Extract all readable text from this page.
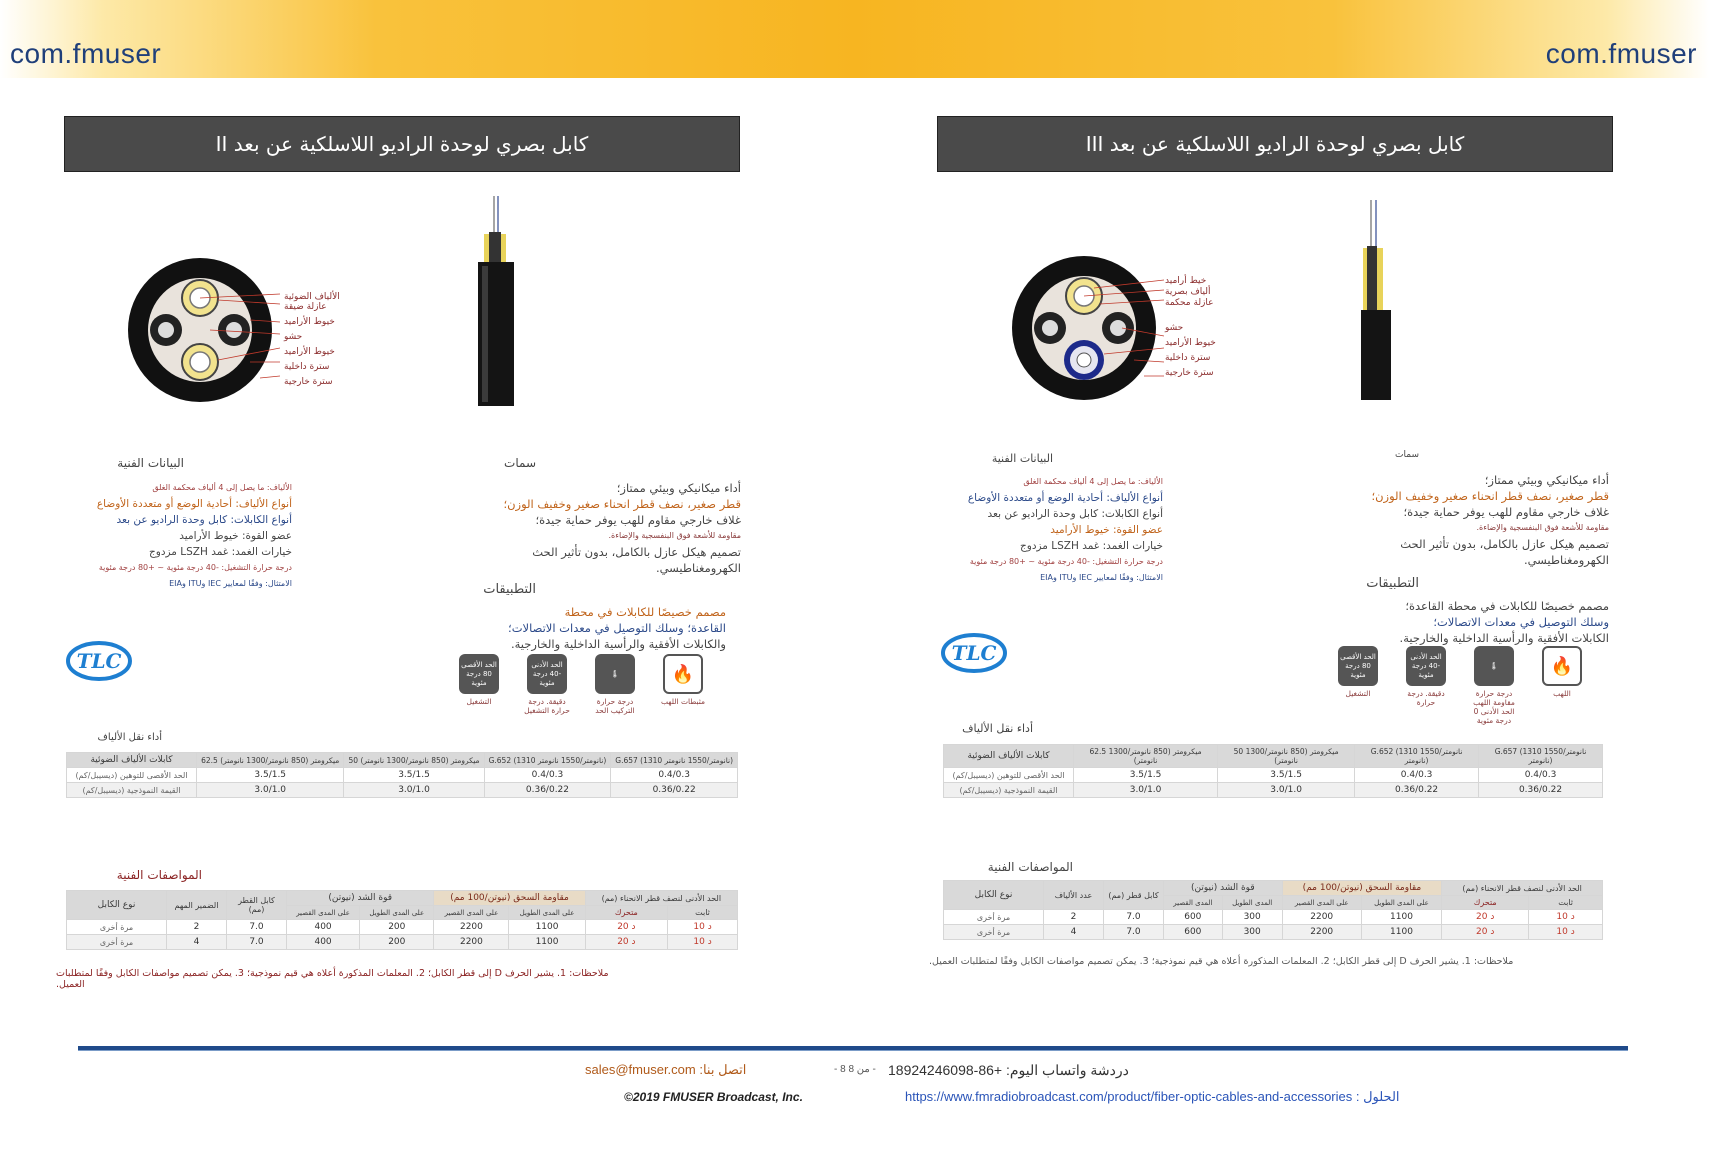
com.fmuser	com.fmuser
كابل بصري لوحدة الراديو اللاسلكية عن بعد II
الألياف الضوئية
عازلة ضيقة
خيوط الأراميد
حشو
خيوط الأراميد
سترة داخلية
سترة خارجية
البيانات الفنية
الألياف: ما يصل إلى 4 ألياف محكمة الغلق
أنواع الألياف: أحادية الوضع أو متعددة الأوضاع
أنواع الكابلات: كابل وحدة الراديو عن بعد
عضو القوة: خيوط الأراميد
خيارات الغمد: غمد LSZH مزدوج
درجة حرارة التشغيل: -40 درجة مئوية ~ +80 درجة مئوية
الامتثال: وفقًا لمعايير IEC وITU وEIA
سمات
أداء ميكانيكي وبيئي ممتاز؛
قطر صغير، نصف قطر انحناء صغير وخفيف الوزن؛
غلاف خارجي مقاوم للهب يوفر حماية جيدة؛
مقاومة للأشعة فوق البنفسجية والإضاءة.
تصميم هيكل عازل بالكامل، بدون تأثير الحث الكهرومغناطيسي.
التطبيقات
مصمم خصيصًا للكابلات في محطة
القاعدة؛ وسلك التوصيل في معدات الاتصالات؛
والكابلات الأفقية والرأسية الداخلية والخارجية.
الحد الأقصى 80 درجة مئوية
التشغيل
الحد الأدنى -40 درجة مئوية
دقيقة. درجة حرارة التشغيل
🌡
درجة حرارة التركيب الحد
🔥
مثبطات اللهب
TLC
أداء نقل الألياف
كابلات الألياف الضوئية	62.5 ميكرومتر (850 نانومتر/1300 نانومتر)	50 ميكرومتر (850 نانومتر/1300 نانومتر)	G.652 (1310 نانومتر/1550 نانومتر)	G.657 (1310 نانومتر/1550 نانومتر)
الحد الأقصى للتوهين (ديسيبل/كم)	3.5/1.5	3.5/1.5	0.4/0.3	0.4/0.3
القيمة النموذجية (ديسيبل/كم)	3.0/1.0	3.0/1.0	0.36/0.22	0.36/0.22
المواصفات الفنية
نوع الكابل	الضمير المهم	كابل القطر (مم)	قوة الشد (نيوتن)		مقاومة السحق (نيوتن/100 مم)		الحد الأدنى لنصف قطر الانحناء (مم)	
			على المدى القصير	على المدى الطويل	على المدى القصير	على المدى الطويل	متحرك	ثابت
مرة أخرى	2	7.0	400	200	2200	1100	20 د	10 د
مرة أخرى	4	7.0	400	200	2200	1100	20 د	10 د
ملاحظات: 1. يشير الحرف D إلى قطر الكابل؛ 2. المعلمات المذكورة أعلاه هي قيم نموذجية؛ 3. يمكن تصميم مواصفات الكابل وفقًا لمتطلبات العميل.
كابل بصري لوحدة الراديو اللاسلكية عن بعد III
خيط أراميد
ألياف بصرية
عازلة محكمة
حشو
خيوط الأراميد
سترة داخلية
سترة خارجية
البيانات الفنية
الألياف: ما يصل إلى 4 ألياف محكمة الغلق
أنواع الألياف: أحادية الوضع أو متعددة الأوضاع
أنواع الكابلات: كابل وحدة الراديو عن بعد
عضو القوة: خيوط الأراميد
خيارات الغمد: غمد LSZH مزدوج
درجة حرارة التشغيل: -40 درجة مئوية ~ +80 درجة مئوية
الامتثال: وفقًا لمعايير IEC وITU وEIA
سمات
أداء ميكانيكي وبيئي ممتاز؛
قطر صغير، نصف قطر انحناء صغير وخفيف الوزن؛
غلاف خارجي مقاوم للهب يوفر حماية جيدة؛
مقاومة للأشعة فوق البنفسجية والإضاءة.
تصميم هيكل عازل بالكامل، بدون تأثير الحث الكهرومغناطيسي.
التطبيقات
مصمم خصيصًا للكابلات في محطة القاعدة؛
وسلك التوصيل في معدات الاتصالات؛
الكابلات الأفقية والرأسية الداخلية والخارجية.
الحد الأقصى 80 درجة مئوية
التشغيل
الحد الأدنى -40 درجة مئوية
دقيقة. درجة حرارة
🌡
درجة حرارة مقاومة اللهب الحد الأدنى 0 درجة مئوية
🔥
اللهب
TLC
أداء نقل الألياف
كابلات الألياف الضوئية	62.5 ميكرومتر (850 نانومتر/1300 نانومتر)	50 ميكرومتر (850 نانومتر/1300 نانومتر)	G.652 (1310 نانومتر/1550 نانومتر)	G.657 (1310 نانومتر/1550 نانومتر)
الحد الأقصى للتوهين (ديسيبل/كم)	3.5/1.5	3.5/1.5	0.4/0.3	0.4/0.3
القيمة النموذجية (ديسيبل/كم)	3.0/1.0	3.0/1.0	0.36/0.22	0.36/0.22
المواصفات الفنية
نوع الكابل	عدد الألياف	كابل قطر (مم)	قوة الشد (نيوتن)		مقاومة السحق (نيوتن/100 مم)		الحد الأدنى لنصف قطر الانحناء (مم)	
			المدى القصير	المدى الطويل	على المدى القصير	على المدى الطويل	متحرك	ثابت
مرة أخرى	2	7.0	600	300	2200	1100	20 د	10 د
مرة أخرى	4	7.0	600	300	2200	1100	20 د	10 د
ملاحظات: 1. يشير الحرف D إلى قطر الكابل؛ 2. المعلمات المذكورة أعلاه هي قيم نموذجية؛ 3. يمكن تصميم مواصفات الكابل وفقًا لمتطلبات العميل.
sales@fmuser.com :اتصل بنا	- 8 من 8 - دردشة واتساب اليوم: +86-18924246098
©2019 FMUSER Broadcast, Inc.	https://www.fmradiobroadcast.com/product/fiber-optic-cables-and-accessories : الحلول
